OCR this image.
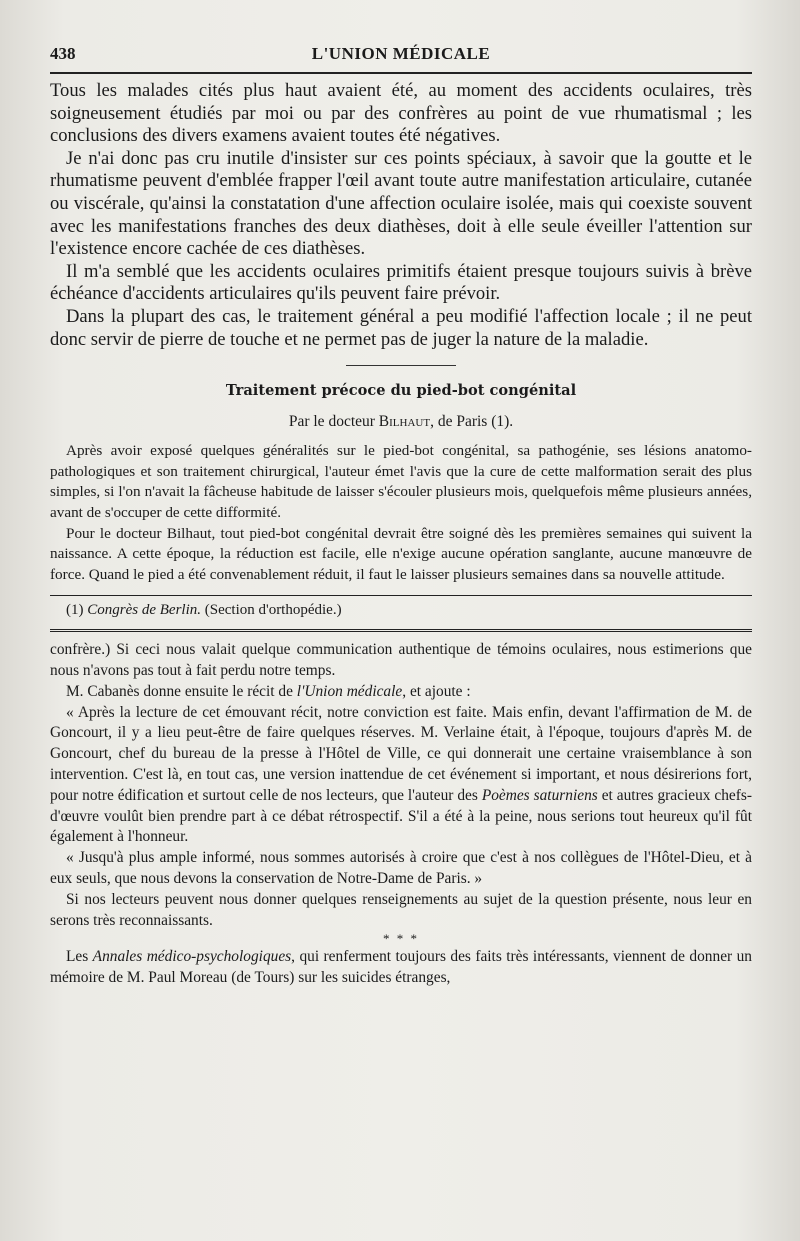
438	L'UNION MÉDICALE

Tous les malades cités plus haut avaient été, au moment des accidents oculaires, très soigneusement étudiés par moi ou par des confrères au point de vue rhumatismal ; les conclusions des divers examens avaient toutes été négatives.

Je n'ai donc pas cru inutile d'insister sur ces points spéciaux, à savoir que la goutte et le rhumatisme peuvent d'emblée frapper l'œil avant toute autre manifestation articulaire, cutanée ou viscérale, qu'ainsi la constatation d'une affection oculaire isolée, mais qui coexiste souvent avec les manifestations franches des deux diathèses, doit à elle seule éveiller l'attention sur l'existence encore cachée de ces diathèses.

Il m'a semblé que les accidents oculaires primitifs étaient presque toujours suivis à brève échéance d'accidents articulaires qu'ils peuvent faire prévoir.

Dans la plupart des cas, le traitement général a peu modifié l'affection locale ; il ne peut donc servir de pierre de touche et ne permet pas de juger la nature de la maladie.

Traitement précoce du pied-bot congénital
Par le docteur Bilhaut, de Paris (1).

Après avoir exposé quelques généralités sur le pied-bot congénital, sa pathogénie, ses lésions anatomo-pathologiques et son traitement chirurgical, l'auteur émet l'avis que la cure de cette malformation serait des plus simples, si l'on n'avait la fâcheuse habitude de laisser s'écouler plusieurs mois, quelquefois même plusieurs années, avant de s'occuper de cette difformité.

Pour le docteur Bilhaut, tout pied-bot congénital devrait être soigné dès les premières semaines qui suivent la naissance. A cette époque, la réduction est facile, elle n'exige aucune opération sanglante, aucune manœuvre de force. Quand le pied a été convenablement réduit, il faut le laisser plusieurs semaines dans sa nouvelle attitude.

(1) Congrès de Berlin. (Section d'orthopédie.)

confrère.) Si ceci nous valait quelque communication authentique de témoins oculaires, nous estimerions que nous n'avons pas tout à fait perdu notre temps.

M. Cabanès donne ensuite le récit de l'Union médicale, et ajoute :

« Après la lecture de cet émouvant récit, notre conviction est faite. Mais enfin, devant l'affirmation de M. de Goncourt, il y a lieu peut-être de faire quelques réserves. M. Verlaine était, à l'époque, toujours d'après M. de Goncourt, chef du bureau de la presse à l'Hôtel de Ville, ce qui donnerait une certaine vraisemblance à son intervention. C'est là, en tout cas, une version inattendue de cet événement si important, et nous désirerions fort, pour notre édification et surtout celle de nos lecteurs, que l'auteur des Poèmes saturniens et autres gracieux chefs-d'œuvre voulût bien prendre part à ce débat rétrospectif. S'il a été à la peine, nous serions tout heureux qu'il fût également à l'honneur.

« Jusqu'à plus ample informé, nous sommes autorisés à croire que c'est à nos collègues de l'Hôtel-Dieu, et à eux seuls, que nous devons la conservation de Notre-Dame de Paris. »

Si nos lecteurs peuvent nous donner quelques renseignements au sujet de la question présente, nous leur en serons très reconnaissants.

* * *

Les Annales médico-psychologiques, qui renferment toujours des faits très intéressants, viennent de donner un mémoire de M. Paul Moreau (de Tours) sur les suicides étranges,
